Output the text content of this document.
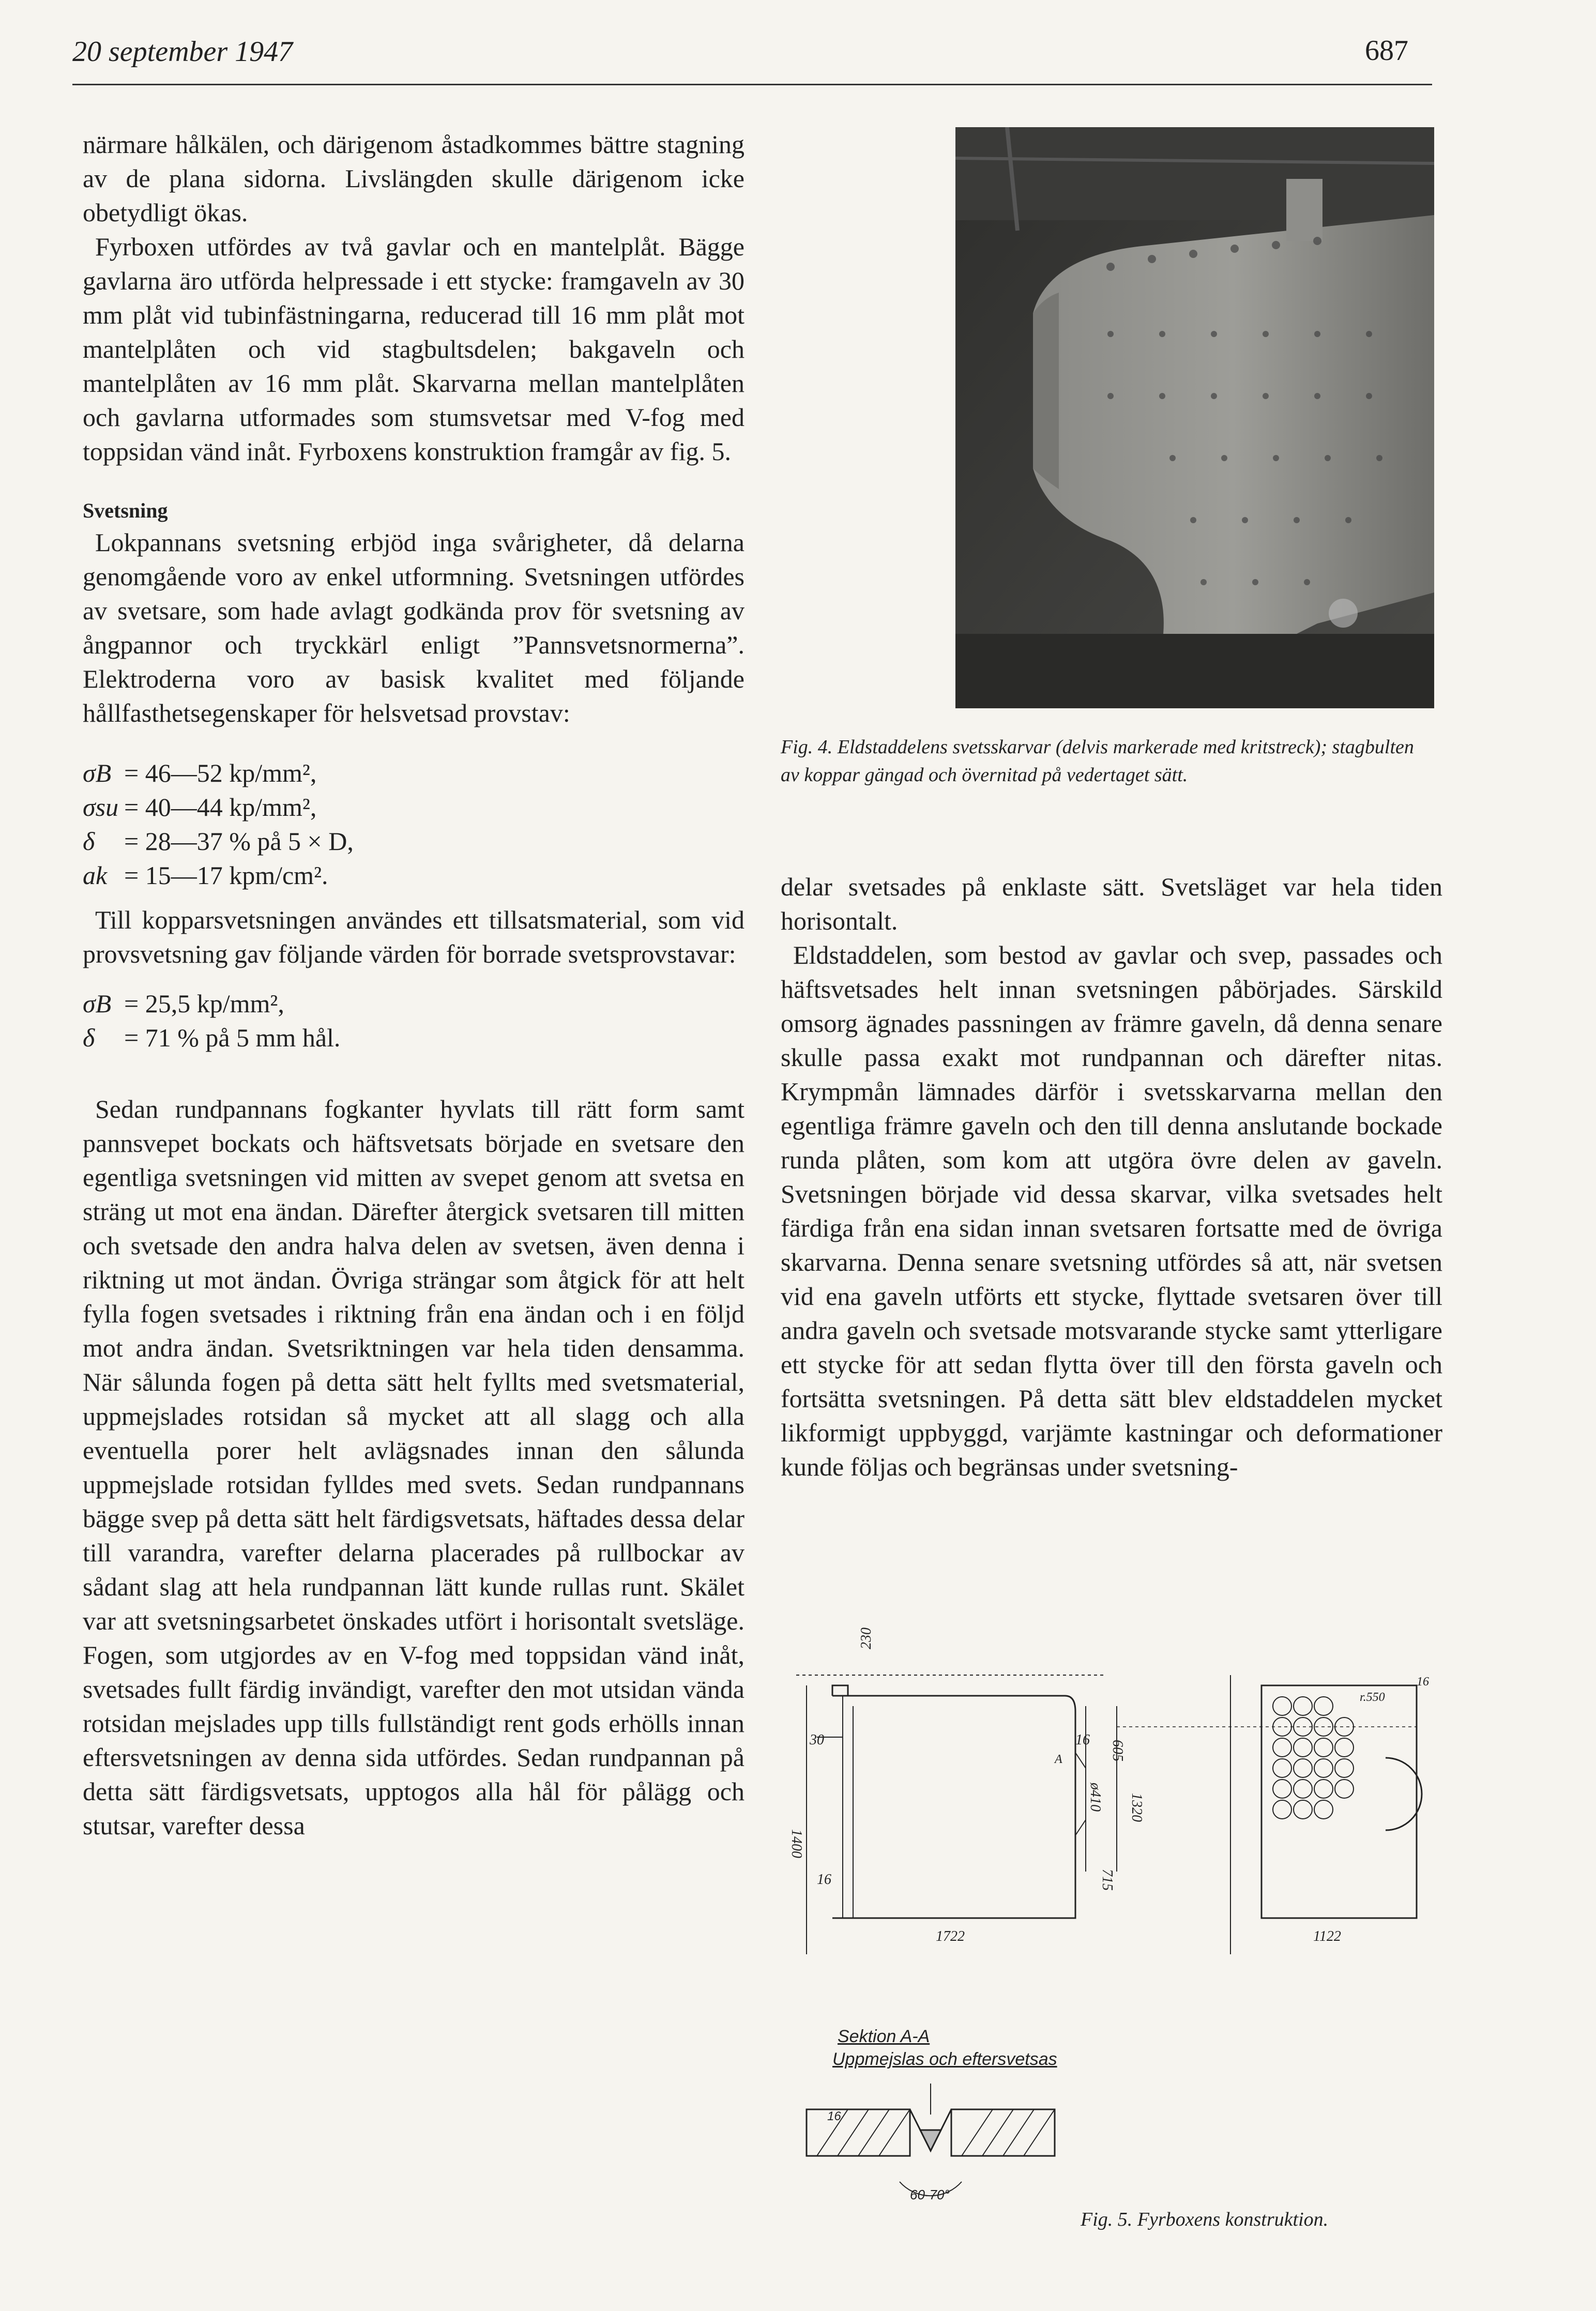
20 september 1947	687

närmare hålkälen, och därigenom åstadkommes bättre stagning av de plana sidorna. Livslängden skulle därigenom icke obetydligt ökas.

Fyrboxen utfördes av två gavlar och en mantelplåt. Bägge gavlarna äro utförda helpressade i ett stycke: framgaveln av 30 mm plåt vid tubinfästningarna, reducerad till 16 mm plåt mot mantelplåten och vid stagbultsdelen; bakgaveln och mantelplåten av 16 mm plåt. Skarvarna mellan mantelplåten och gavlarna utformades som stumsvetsar med V-fog med toppsidan vänd inåt. Fyrboxens konstruktion framgår av fig. 5.

Svetsning

Lokpannans svetsning erbjöd inga svårigheter, då delarna genomgående voro av enkel utformning. Svetsningen utfördes av svetsare, som hade avlagt godkända prov för svetsning av ångpannor och tryckkärl enligt ”Pannsvetsnormerna”. Elektroderna voro av basisk kvalitet med följande hållfasthetsegenskaper för helsvetsad provstav:

σB = 46—52 kp/mm²,
σsu = 40—44 kp/mm²,
δ = 28—37 % på 5 × D,
ak = 15—17 kpm/cm².

Till kopparsvetsningen användes ett tillsatsmaterial, som vid provsvetsning gav följande värden för borrade svetsprovstavar:

σB = 25,5 kp/mm²,
δ = 71 % på 5 mm hål.

Sedan rundpannans fogkanter hyvlats till rätt form samt pannsvepet bockats och häftsvetsats började en svetsare den egentliga svetsningen vid mitten av svepet genom att svetsa en sträng ut mot ena ändan. Därefter återgick svetsaren till mitten och svetsade den andra halva delen av svetsen, även denna i riktning ut mot ändan. Övriga strängar som åtgick för att helt fylla fogen svetsades i riktning från ena ändan och i en följd mot andra ändan. Svetsriktningen var hela tiden densamma. När sålunda fogen på detta sätt helt fyllts med svetsmaterial, uppmejslades rotsidan så mycket att all slagg och alla eventuella porer helt avlägsnades innan den sålunda uppmejslade rotsidan fylldes med svets. Sedan rundpannans bägge svep på detta sätt helt färdigsvetsats, häftades dessa delar till varandra, varefter delarna placerades på rullbockar av sådant slag att hela rundpannan lätt kunde rullas runt. Skälet var att svetsningsarbetet önskades utfört i horisontalt svetsläge. Fogen, som utgjordes av en V-fog med toppsidan vänd inåt, svetsades fullt färdig invändigt, varefter den mot utsidan vända rotsidan mejslades upp tills fullständigt rent gods erhölls innan eftersvetsningen av denna sida utfördes. Sedan rundpannan på detta sätt färdigsvetsats, upptogos alla hål för pålägg och stutsar, varefter dessa

Fig. 4. Eldstaddelens svetsskarvar (delvis markerade med kritstreck); stagbulten av koppar gängad och övernitad på vedertaget sätt.

delar svetsades på enklaste sätt. Svetsläget var hela tiden horisontalt.

Eldstaddelen, som bestod av gavlar och svep, passades och häftsvetsades helt innan svetsningen påbörjades. Särskild omsorg ägnades passningen av främre gaveln, då denna senare skulle passa exakt mot rundpannan och därefter nitas. Krympmån lämnades därför i svetsskarvarna mellan den egentliga främre gaveln och den till denna anslutande bockade runda plåten, som kom att utgöra övre delen av gaveln. Svetsningen började vid dessa skarvar, vilka svetsades helt färdiga från ena sidan innan svetsaren fortsatte med de övriga skarvarna. Denna senare svetsning utfördes så att, när svetsen vid ena gaveln utförts ett stycke, flyttade svetsaren över till andra gaveln och svetsade motsvarande stycke samt ytterligare ett stycke för att sedan flytta över till den första gaveln och fortsätta svetsningen. På detta sätt blev eldstaddelen mycket likformigt uppbyggd, varjämte kastningar och deformationer kunde följas och begränsas under svetsning-

230
30
16
1400
1722
16 605
ø410 1320
715
A
1122
r.550
16
Sektion A-A
Uppmejslas och eftersvetsas
16
60-70°
Fig. 5. Fyrboxens konstruktion.
